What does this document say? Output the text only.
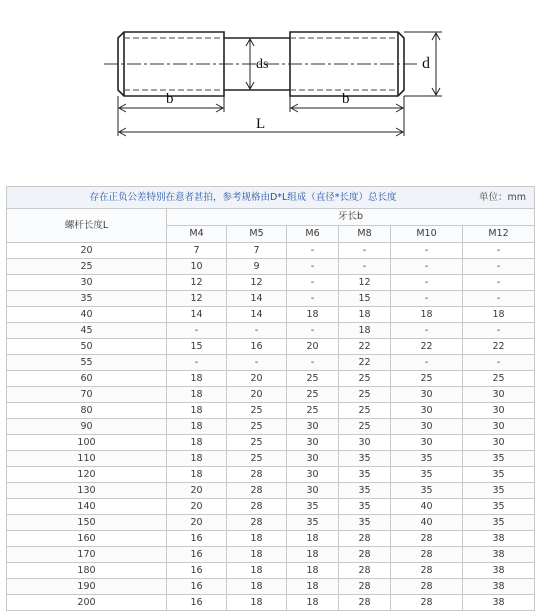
ds	d
b	b
L
存在正负公差特别在意者甚拍，参考规格由D*L组成（直径*长度）总长度 单位：mm						

螺杆长度L	牙长b					
	M4	M5	M6	M8	M10	M12
20	7	7	-	-	-	-
25	10	9	-	-	-	-
30	12	12	-	12	-	-
35	12	14	-	15	-	-
40	14	14	18	18	18	18
45	-	-	-	18	-	-
50	15	16	20	22	22	22
55	-	-	-	22	-	-
60	18	20	25	25	25	25
70	18	20	25	25	30	30
80	18	25	25	25	30	30
90	18	25	30	25	30	30
100	18	25	30	30	30	30
110	18	25	30	35	35	35
120	18	28	30	35	35	35
130	20	28	30	35	35	35
140	20	28	35	35	40	35
150	20	28	35	35	40	35
160	16	18	18	28	28	38
170	16	18	18	28	28	38
180	16	18	18	28	28	38
190	16	18	18	28	28	38
200	16	18	18	28	28	38
